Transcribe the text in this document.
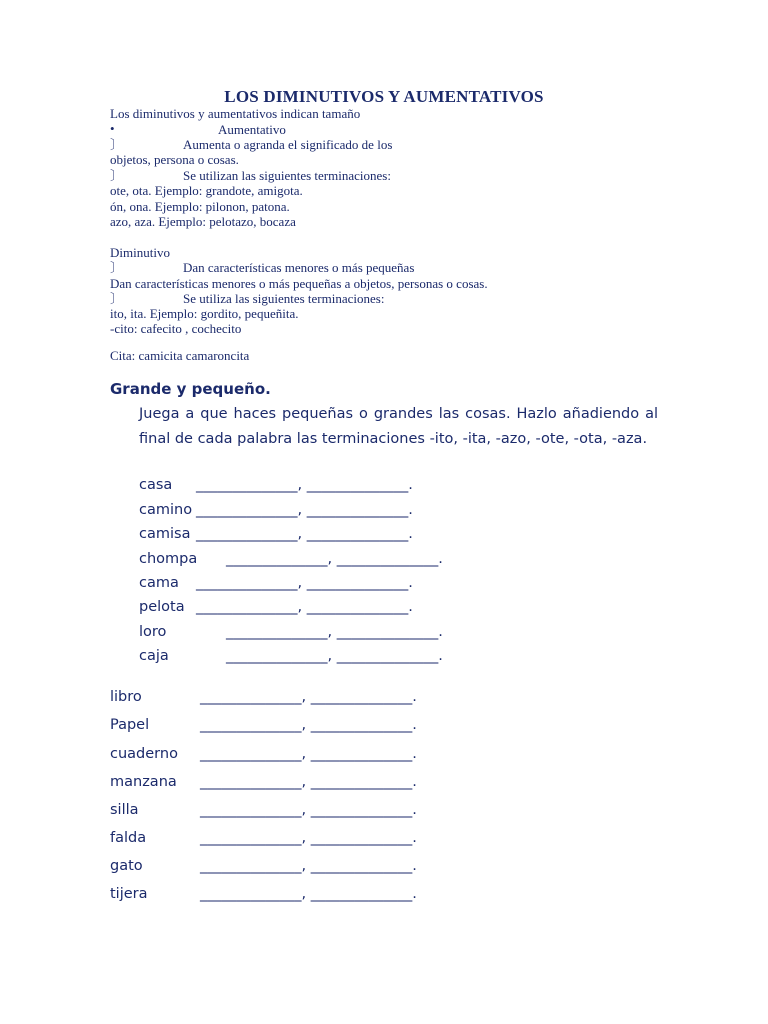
LOS DIMINUTIVOS Y AUMENTATIVOS
Los diminutivos y aumentativos indican tamaño
•	Aumentativo
〕	Aumenta o agranda el significado de los
objetos, persona o cosas.
〕	Se utilizan las siguientes terminaciones:
ote, ota. Ejemplo: grandote, amigota.
ón, ona. Ejemplo: pilonon, patona.
azo, aza. Ejemplo: pelotazo, bocaza
Diminutivo
〕	Dan características menores o más pequeñas
Dan características menores o más pequeñas a objetos, personas o cosas.
〕	Se utiliza las siguientes terminaciones:
ito, ita. Ejemplo: gordito, pequeñita.
-cito: cafecito , cochecito
Cita: camicita camaroncita
Grande y pequeño.
Juega a que haces pequeñas o grandes las cosas. Hazlo añadiendo al final de cada palabra las terminaciones -ito, -ita, -azo, -ote, -ota, -aza.
casa ______________, ______________.
camino ______________, ______________.
camisa ______________, ______________.
chompa ______________, ______________.
cama ______________, ______________.
pelota ______________, ______________.
loro	______________, ______________.
caja	______________, ______________.
libro	______________, ______________.
Papel	______________, ______________.
cuaderno ______________, ______________.
manzana ______________, ______________.
silla	______________, ______________.
falda	______________, ______________.
gato	______________, ______________.
tijera	______________, ______________.
